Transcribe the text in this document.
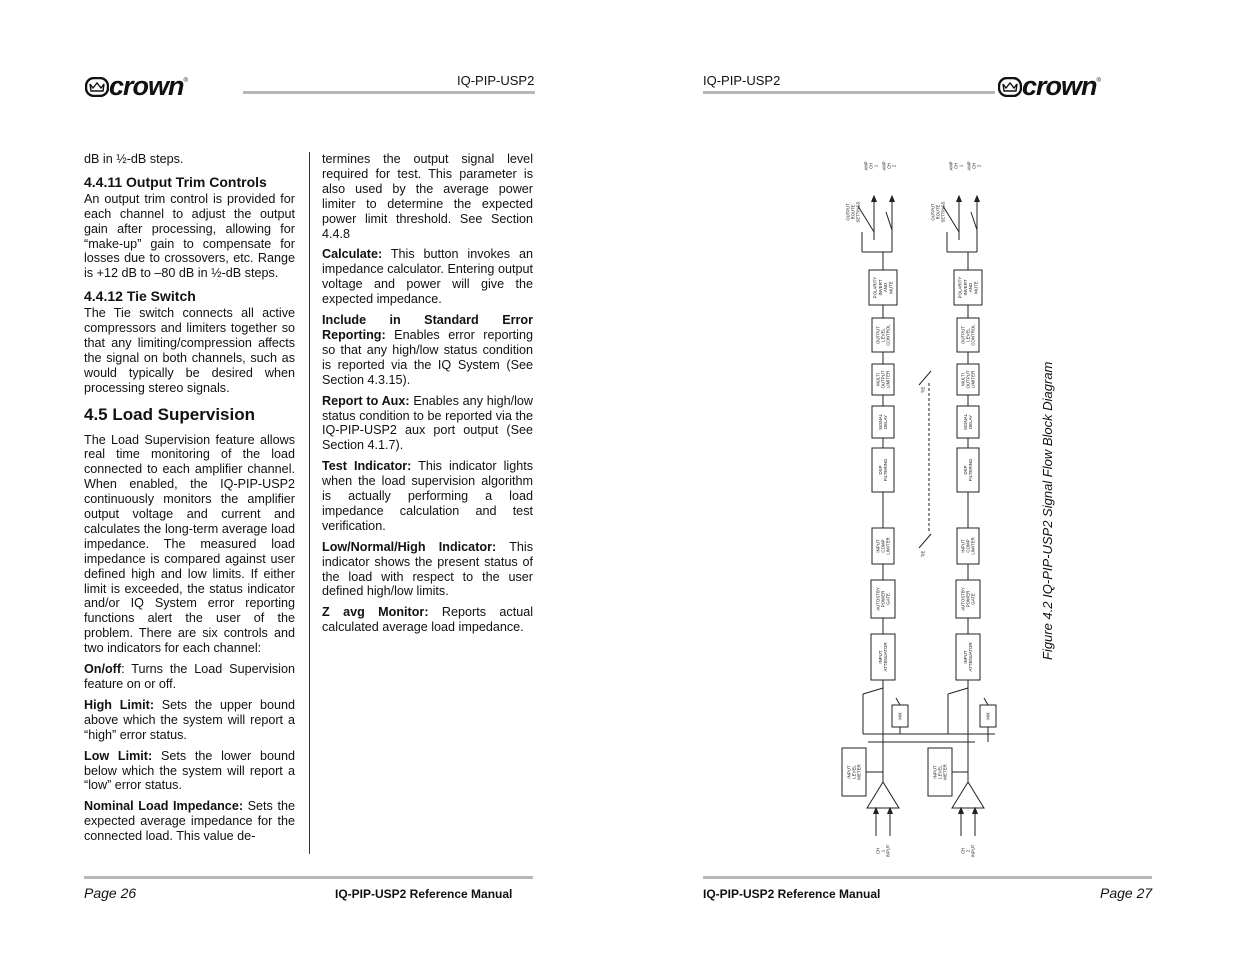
crown®	IQ-PIP-USP2

dB in ½-dB steps.

4.4.11 Output Trim Controls

An output trim control is provided for each channel to adjust the output gain after processing, allowing for “make-up” gain to compensate for losses due to crossovers, etc. Range is +12 dB to –80 dB in ½-dB steps.

4.4.12 Tie Switch

The Tie switch connects all active compressors and limiters together so that any limiting/compression affects the signal on both channels, such as would typically be desired when processing stereo signals.

4.5 Load Supervision

The Load Supervision feature allows real time monitoring of the load connected to each amplifier channel. When enabled, the IQ-PIP-USP2 continuously monitors the amplifier output voltage and current and calculates the long-term average load impedance. The measured load impedance is compared against user defined high and low limits. If either limit is exceeded, the status indicator and/or IQ System error reporting functions alert the user of the problem. There are six controls and two indicators for each channel:

On/off: Turns the Load Supervision feature on or off.

High Limit: Sets the upper bound above which the system will report a “high” error status.

Low Limit: Sets the lower bound below which the system will report a “low” error status.

Nominal Load Impedance: Sets the expected average impedance for the connected load. This value de-

termines the output signal level required for test. This parameter is also used by the average power limiter to determine the expected power limit threshold. See Section 4.4.8

Calculate: This button invokes an impedance calculator. Entering output voltage and power will give the expected impedance.

Include in Standard Error Reporting: Enables error reporting so that any high/low status condition is reported via the IQ System (See Section 4.3.15).

Report to Aux: Enables any high/low status condition to be reported via the IQ-PIP-USP2 aux port output (See Section 4.1.7).

Test Indicator: This indicator lights when the load supervision algorithm is actually performing a load impedance calculation and test verification.

Low/Normal/High Indicator: This indicator shows the present status of the load with respect to the user defined high/low limits.

Z avg Monitor: Reports actual calculated average load impedance.

Page 26	IQ-PIP-USP2 Reference Manual
IQ-PIP-USP2	crown®
AMPCH1 AMPCH2
OUTPUTROUTESETTINGS
POLARITYINVERTANDMUTE
OUTPUTLEVELCONTROL
MULTIOUTPUTLIMITER
SIGNALDELAY
DSPFILTERING
INPUTCOMPLIMITER
AUTOSTBYPOWERGATE
INPUTATTENUATOR
MIX
INPUTLEVELMETER
CH1INPUT
AMPCH1 AMPCH2
OUTPUTROUTESETTINGS
POLARITYINVERTANDMUTE
OUTPUTLEVELCONTROL
MULTIOUTPUTLIMITER
SIGNALDELAY
DSPFILTERING
INPUTCOMPLIMITER
AUTOSTBYPOWERGATE
INPUTATTENUATOR
MIX
INPUTLEVELMETER
CH2INPUT
TIE
TIE	Figure 4.2 IQ-PIP-USP2 Signal Flow Block Diagram
IQ-PIP-USP2 Reference Manual	Page 27
